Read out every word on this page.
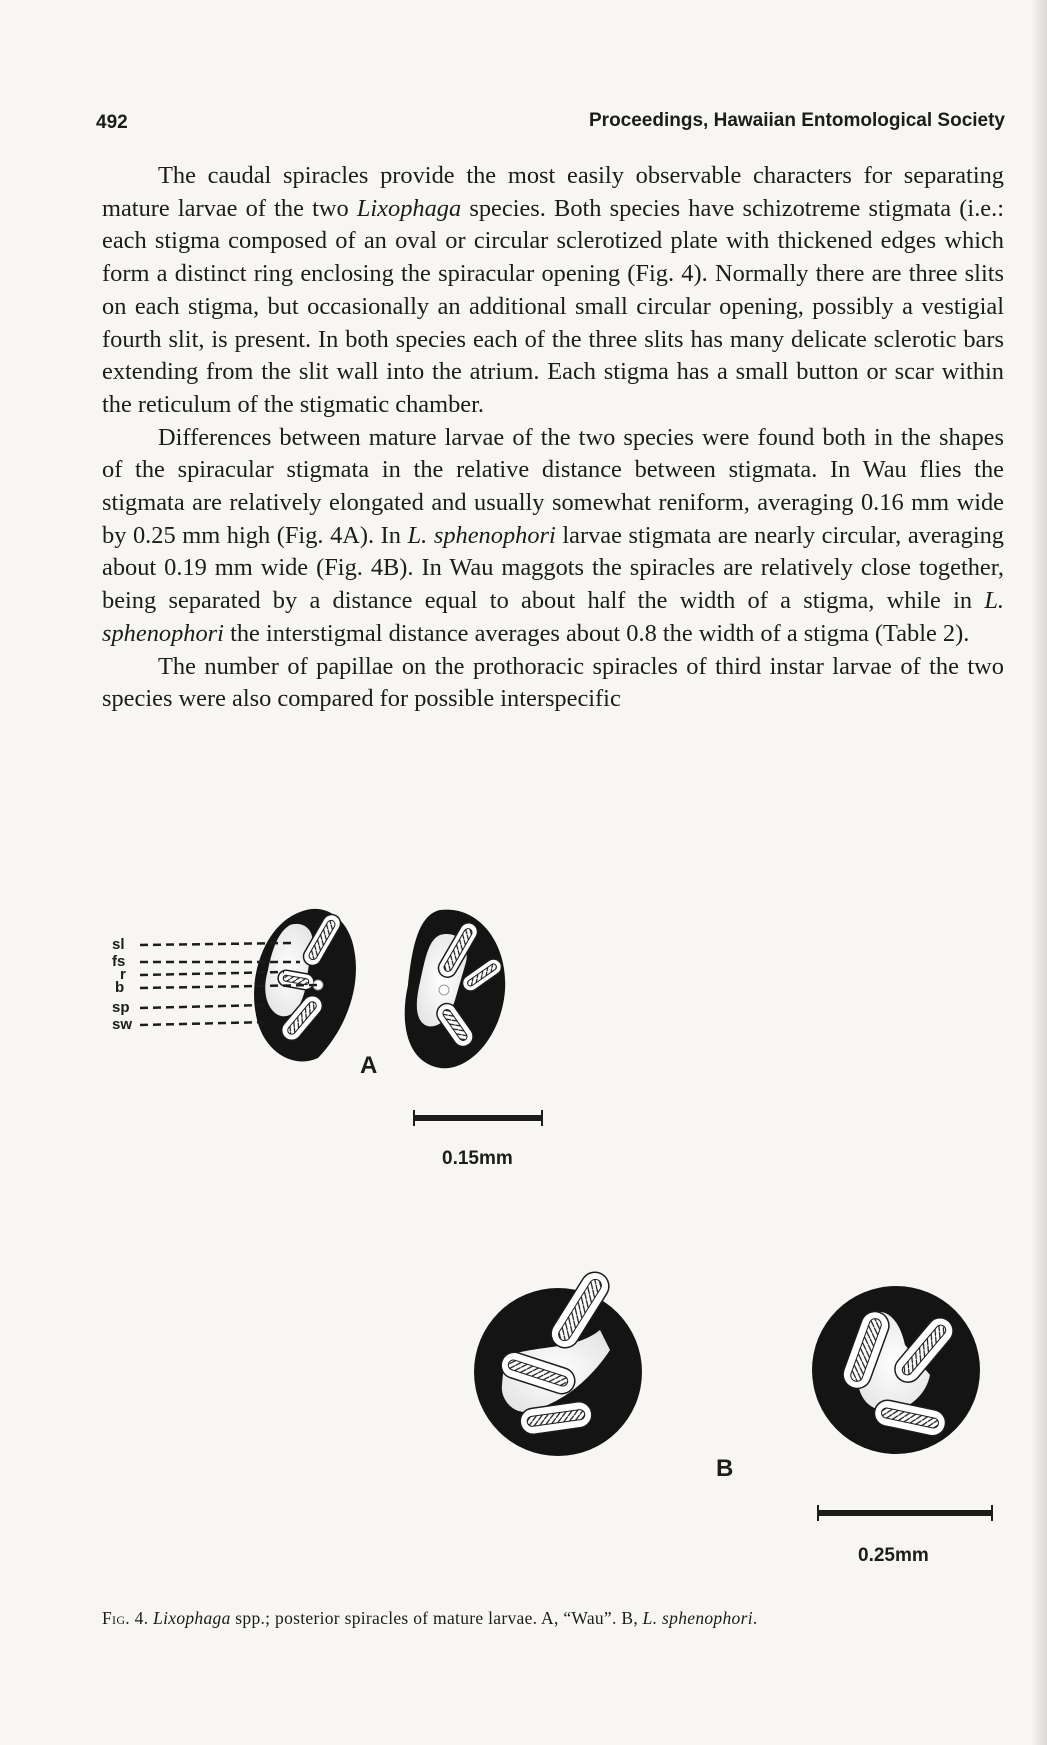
492	Proceedings, Hawaiian Entomological Society

The caudal spiracles provide the most easily observable characters for separating mature larvae of the two Lixophaga species. Both species have schizotreme stigmata (i.e.: each stigma composed of an oval or circular sclerotized plate with thickened edges which form a distinct ring enclosing the spiracular opening (Fig. 4). Normally there are three slits on each stigma, but occasionally an additional small circular opening, possibly a vestigial fourth slit, is present. In both species each of the three slits has many delicate sclerotic bars extending from the slit wall into the atrium. Each stigma has a small button or scar within the reticulum of the stigmatic chamber.

Differences between mature larvae of the two species were found both in the shapes of the spiracular stigmata in the relative distance between stigmata. In Wau flies the stigmata are relatively elongated and usually somewhat reniform, averaging 0.16 mm wide by 0.25 mm high (Fig. 4A). In L. sphenophori larvae stigmata are nearly circular, averaging about 0.19 mm wide (Fig. 4B). In Wau maggots the spiracles are relatively close together, being separated by a distance equal to about half the width of a stigma, while in L. sphenophori the interstigmal distance averages about 0.8 the width of a stigma (Table 2).

The number of papillae on the prothoracic spiracles of third instar larvae of the two species were also compared for possible interspecific

sl
fs
r
b
sp
sw
A
B
0.15mm
0.25mm
Fig. 4. Lixophaga spp.; posterior spiracles of mature larvae. A, “Wau”. B, L. sphenophori.
